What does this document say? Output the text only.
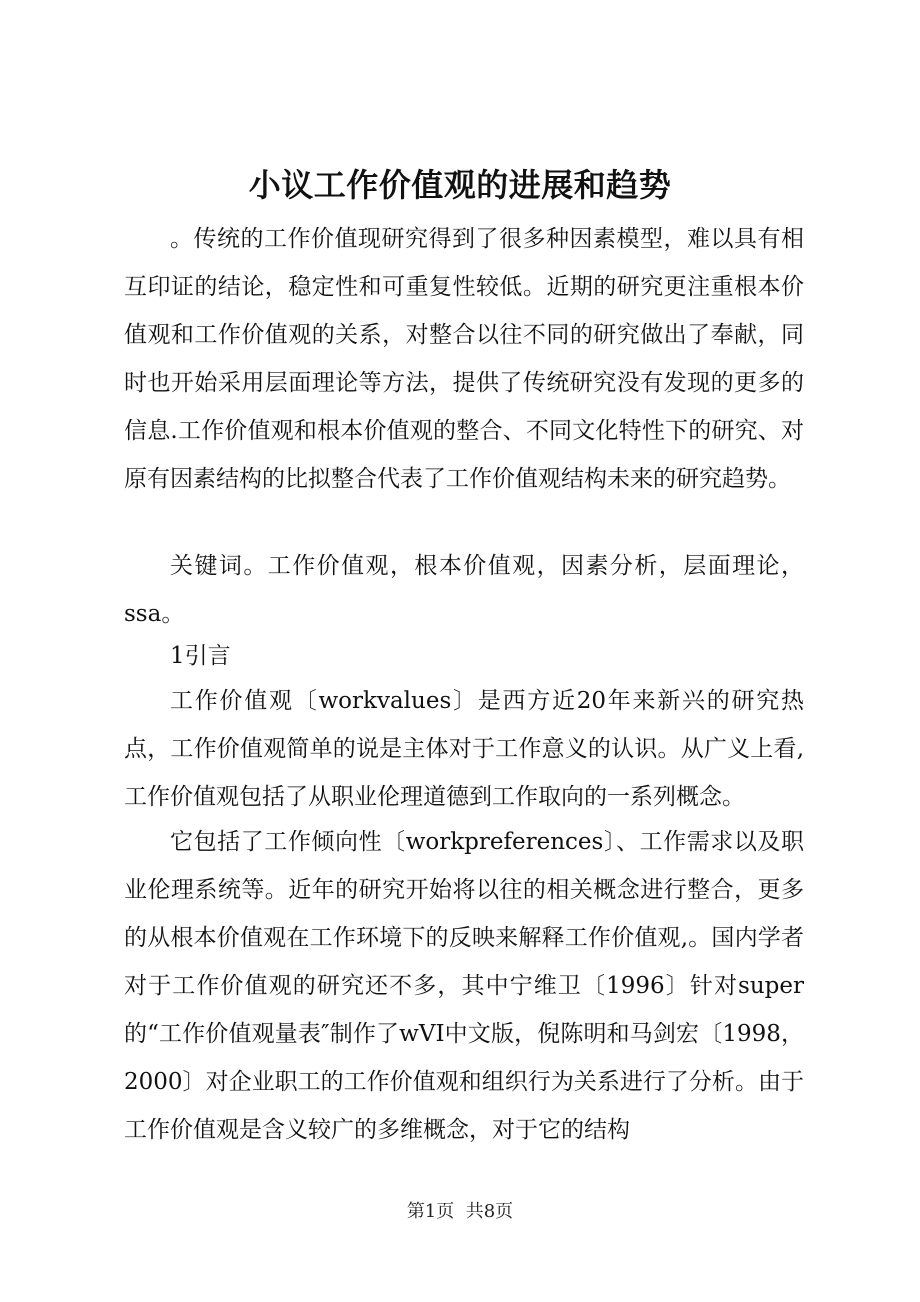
小议工作价值观的进展和趋势

。传统的工作价值现研究得到了很多种因素模型，难以具有相互印证的结论，稳定性和可重复性较低。近期的研究更注重根本价值观和工作价值观的关系，对整合以往不同的研究做出了奉献，同时也开始采用层面理论等方法，提供了传统研究没有发现的更多的信息.工作价值观和根本价值观的整合、不同文化特性下的研究、对原有因素结构的比拟整合代表了工作价值观结构未来的研究趋势。

关键词。工作价值观，根本价值观，因素分析，层面理论，ssa。

1引言

工作价值观〔workvalues〕是西方近20年来新兴的研究热点，工作价值观简单的说是主体对于工作意义的认识。从广义上看,工作价值观包括了从职业伦理道德到工作取向的一系列概念。

它包括了工作倾向性〔workpreferences〕、工作需求以及职业伦理系统等。近年的研究开始将以往的相关概念进行整合，更多的从根本价值观在工作环境下的反映来解释工作价值观,。国内学者对于工作价值观的研究还不多，其中宁维卫〔1996〕针对super的“工作价值观量表″制作了wVI中文版，倪陈明和马剑宏〔1998，2000〕对企业职工的工作价值观和组织行为关系进行了分析。由于工作价值观是含义较广的多维概念，对于它的结构

第1页  共8页
